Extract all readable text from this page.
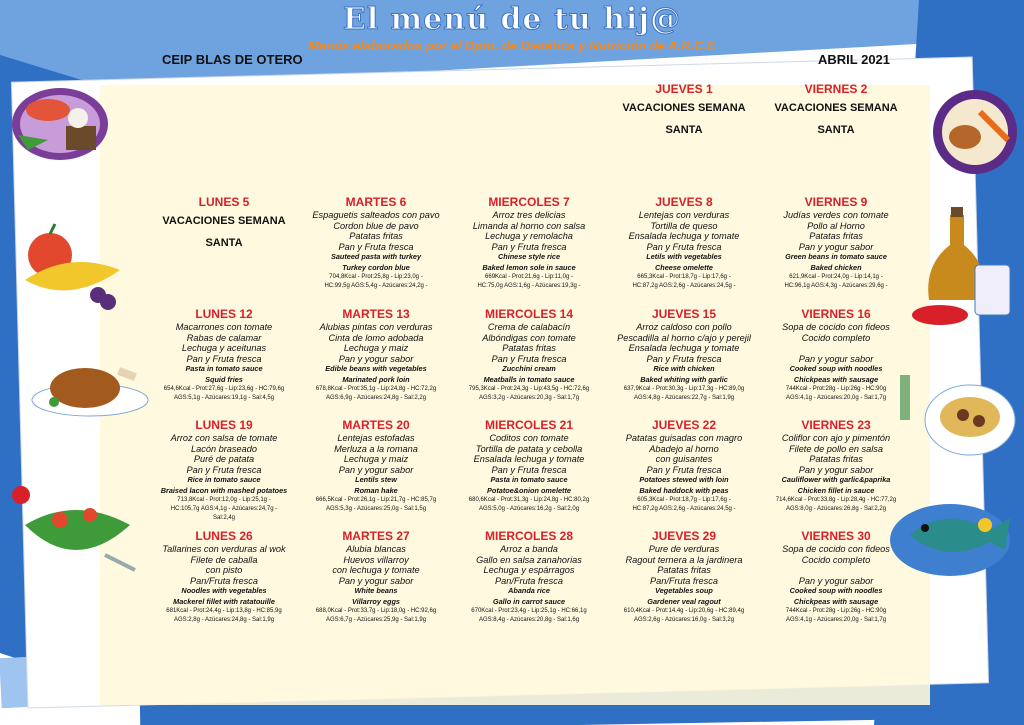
El menú de tu hij@
Menús elaborados por el Dpto. de Dietética y Nutrición de A.R.C.E
CEIP BLAS DE OTERO	ABRIL 2021
JUEVES 1
VACACIONES SEMANA
SANTA
VIERNES 2
VACACIONES SEMANA
SANTA
LUNES 5
VACACIONES SEMANA
SANTA
MARTES 6
Espaguetis salteados con pavo
Cordon blue de pavo
Patatas fritas
Pan y Fruta fresca
Sauteed pasta with turkey
Turkey cordon blue
704,8Kcal - Prot:25,8g - Lip:23,0g -
HC:99,5g AGS:5,4g - Azúcares:24,2g -
MIERCOLES 7
Arroz tres delicias
Limanda al horno con salsa
Lechuga y remolacha
Pan y Fruta fresca
Chinese style rice
Baked lemon sole in sauce
669Kcal - Prot:21,6g - Lip:11,0g -
HC:75,0g AGS:1,6g - Azúcares:19,3g -
JUEVES 8
Lentejas con verduras
Tortilla de queso
Ensalada lechuga y tomate
Pan y Fruta fresca
Letils with vegetables
Cheese omelette
665,3Kcal - Prot:18,7g - Lip:17,6g -
HC:87,2g AGS:2,6g - Azúcares:24,5g -
VIERNES 9
Judías verdes con tomate
Pollo al Horno
Patatas fritas
Pan y yogur sabor
Green beans in tomato sauce
Baked chicken
621,9Kcal - Prot:24,0g - Lip:14,1g -
HC:96,1g AGS:4,3g - Azúcares:29,6g -
LUNES 12
Macarrones con tomate
Rabas de calamar
Lechuga y aceitunas
Pan y Fruta fresca
Pasta in tomato sauce
Squid fries
654,6Kcal - Prot:27,6g - Lip:23,6g - HC:79,6g
AGS:5,1g - Azúcares:19,1g - Sal:4,5g
MARTES 13
Alubias pintas con verduras
Cinta de lomo adobada
Lechuga y maiz
Pan y yogur sabor
Edible beans with vegetables
Marinated pork loin
678,8Kcal - Prot:35,1g - Lip:24,8g - HC:72,2g
AGS:6,9g - Azúcares:24,8g - Sal:2,2g
MIERCOLES 14
Crema de calabacín
Albóndigas con tomate
Patatas fritas
Pan y Fruta fresca
Zucchini cream
Meatballs in tomato sauce
795,3Kcal - Prot:24,3g - Lip:43,5g - HC:72,6g
AGS:3,2g - Azúcares:20,3g - Sal:1,7g
JUEVES 15
Arroz caldoso con pollo
Pescadilla al horno c/ajo y perejil
Ensalada lechuga y tomate
Pan y Fruta fresca
Rice with chicken
Baked whiting with garlic
637,9Kcal - Prot:30,3g - Lip:17,3g - HC:89,0g
AGS:4,8g - Azúcares:22,7g - Sal:1,9g
VIERNES 16
Sopa de cocido con fideos
Cocido completo
Pan y yogur sabor
Cooked soup with noodles
Chickpeas with sausage
744Kcal - Prot:28g - Lip:26g - HC:90g
AGS:4,1g - Azúcares:20,0g - Sal:1,7g
LUNES 19
Arroz con salsa de tomate
Lacón braseado
Puré de patata
Pan y Fruta fresca
Rice in tomato sauce
Braised lacon with mashed potatoes
713,8Kcal - Prot:12,0g - Lip:25,1g -
HC:105,7g AGS:4,1g - Azúcares:24,7g -
Sal:2,4g
MARTES 20
Lentejas estofadas
Merluza a la romana
Lechuga y maiz
Pan y yogur sabor
Lentils stew
Roman hake
666,5Kcal - Prot:26,1g - Lip:21,7g - HC:85,7g
AGS:5,3g - Azúcares:25,0g - Sal:1,5g
MIERCOLES 21
Coditos con tomate
Tortilla de patata y cebolla
Ensalada lechuga y tomate
Pan y Fruta fresca
Pasta in tomato sauce
Potatoe&onion omelette
680,6Kcal - Prot:31,3g - Lip:24,8g - HC:80,2g
AGS:5,0g - Azúcares:16,2g - Sal:2,0g
JUEVES 22
Patatas guisadas con magro
Abadejo al horno
con guisantes
Pan y Fruta fresca
Potatoes stewed with loin
Baked haddock with peas
605,3Kcal - Prot:18,7g - Lip:17,6g -
HC:87,2g AGS:2,6g - Azúcares:24,5g -
VIERNES 23
Coliflor con ajo y pimentón
Filete de pollo en salsa
Patatas fritas
Pan y yogur sabor
Cauliflower with garlic&paprika
Chicken fillet in sauce
714,6Kcal - Prot:33,8g - Lip:28,4g - HC:77,2g
AGS:8,0g - Azúcares:26,8g - Sal:2,2g
LUNES 26
Tallarines con verduras al wok
Filete de caballa
con pisto
Pan/Fruta fresca
Noodles with vegetables
Mackerel fillet with ratatouille
681Kcal - Prot:24,4g - Lip:13,8g - HC:85,9g
AGS:2,8g - Azúcares:24,8g - Sal:1,9g
MARTES 27
Alubia blancas
Huevos villarroy
con lechuga y tomate
Pan y yogur sabor
White beans
Villarroy eggs
688,0Kcal - Prot:33,7g - Lip:18,0g - HC:92,6g
AGS:6,7g - Azúcares:25,9g - Sal:1,9g
MIERCOLES 28
Arroz a banda
Gallo en salsa zanahorias
Lechuga y espárragos
Pan/Fruta fresca
Abanda rice
Gallo in carrot sauce
670Kcal - Prot:23,4g - Lip:25,1g - HC:66,1g
AGS:8,4g - Azúcares:20,8g - Sal:1,6g
JUEVES 29
Pure de verduras
Ragout ternera a la jardinera
Patatas fritas
Pan/Fruta fresca
Vegetables soup
Gardener veal ragout
610,4Kcal - Prot:14,4g - Lip:20,6g - HC:89,4g
AGS:2,6g - Azúcares:16,0g - Sal:3,2g
VIERNES 30
Sopa de cocido con fideos
Cocido completo
Pan y yogur sabor
Cooked soup with noodles
Chickpeas with sausage
744Kcal - Prot:28g - Lip:26g - HC:90g
AGS:4,1g - Azúcares:20,0g - Sal:1,7g
